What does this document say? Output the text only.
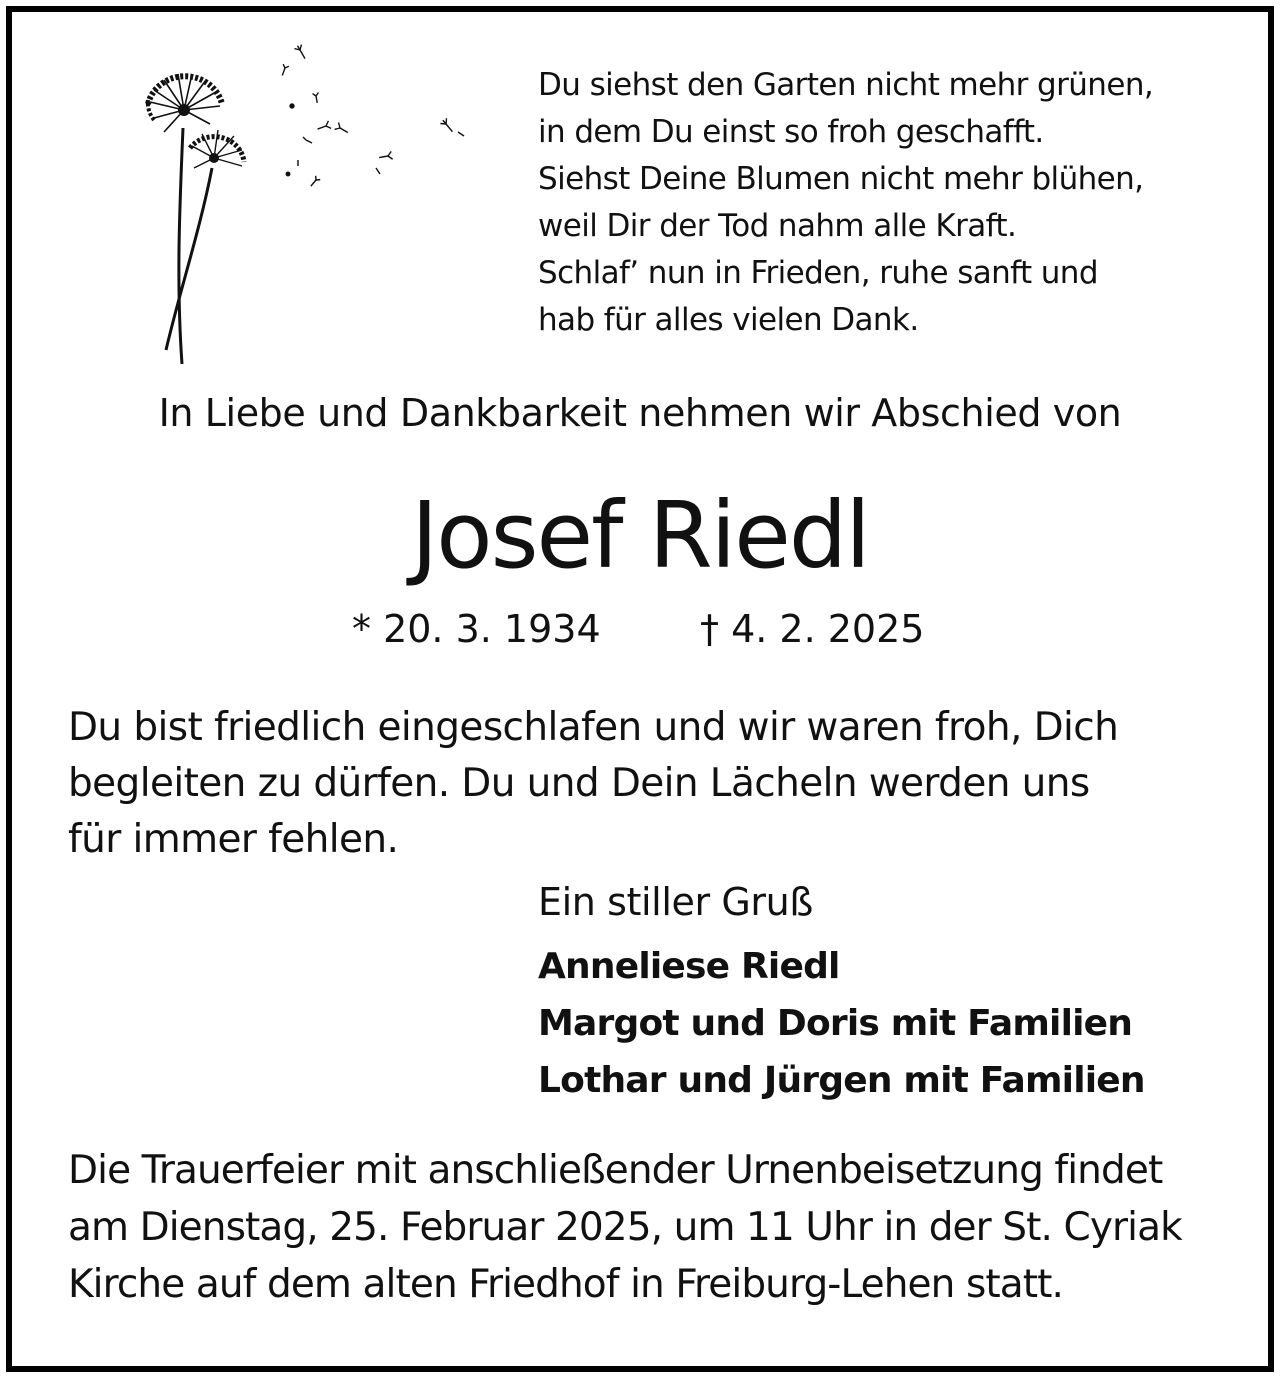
Du siehst den Garten nicht mehr grünen,
in dem Du einst so froh geschafft.
Siehst Deine Blumen nicht mehr blühen,
weil Dir der Tod nahm alle Kraft.
Schlaf’ nun in Frieden, ruhe sanft und
hab für alles vielen Dank.
In Liebe und Dankbarkeit nehmen wir Abschied von
Josef Riedl
* 20. 3. 1934	† 4. 2. 2025
Du bist friedlich eingeschlafen und wir waren froh, Dich
begleiten zu dürfen. Du und Dein Lächeln werden uns
für immer fehlen.
Ein stiller Gruß
Anneliese Riedl
Margot und Doris mit Familien
Lothar und Jürgen mit Familien
Die Trauerfeier mit anschließender Urnenbeisetzung findet
am Dienstag, 25. Februar 2025, um 11 Uhr in der St. Cyriak
Kirche auf dem alten Friedhof in Freiburg-Lehen statt.
